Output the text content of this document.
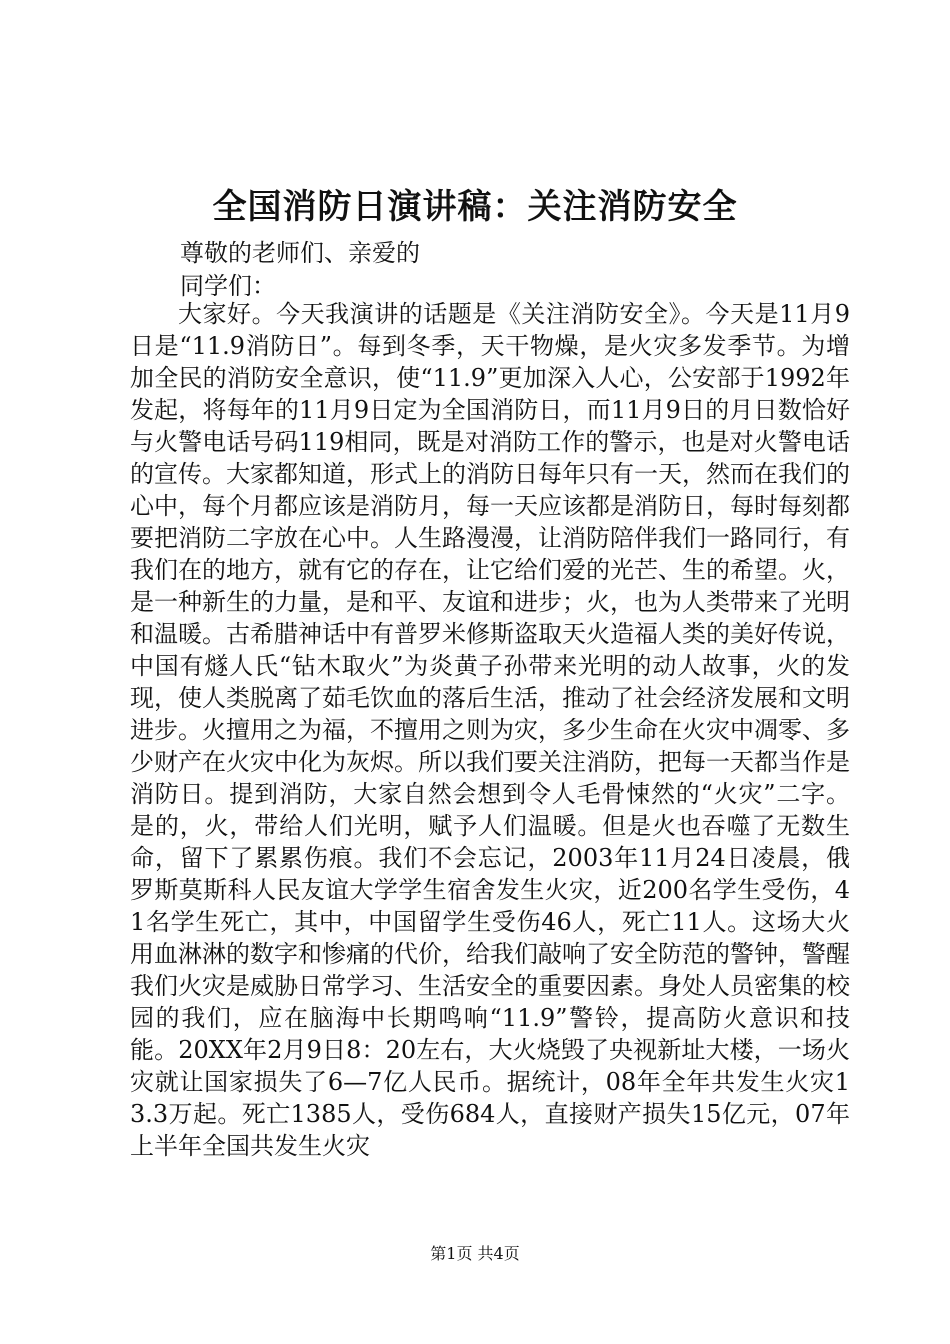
全国消防日演讲稿：关注消防安全

尊敬的老师们、亲爱的

同学们：

大家好。今天我演讲的话题是《关注消防安全》。今天是11月9日是“11.9消防日”。每到冬季，天干物燥，是火灾多发季节。为增加全民的消防安全意识，使“11.9”更加深入人心，公安部于1992年发起，将每年的11月9日定为全国消防日，而11月9日的月日数恰好与火警电话号码119相同，既是对消防工作的警示，也是对火警电话的宣传。大家都知道，形式上的消防日每年只有一天，然而在我们的心中，每个月都应该是消防月，每一天应该都是消防日，每时每刻都要把消防二字放在心中。人生路漫漫，让消防陪伴我们一路同行，有我们在的地方，就有它的存在，让它给们爱的光芒、生的希望。火，是一种新生的力量，是和平、友谊和进步；火，也为人类带来了光明和温暖。古希腊神话中有普罗米修斯盗取天火造福人类的美好传说，中国有燧人氏“钻木取火”为炎黄子孙带来光明的动人故事，火的发现，使人类脱离了茹毛饮血的落后生活，推动了社会经济发展和文明进步。火擅用之为福，不擅用之则为灾，多少生命在火灾中凋零、多少财产在火灾中化为灰烬。所以我们要关注消防，把每一天都当作是消防日。提到消防，大家自然会想到令人毛骨悚然的“火灾”二字。是的，火，带给人们光明，赋予人们温暖。但是火也吞噬了无数生命，留下了累累伤痕。我们不会忘记，2003年11月24日凌晨，俄罗斯莫斯科人民友谊大学学生宿舍发生火灾，近200名学生受伤，41名学生死亡，其中，中国留学生受伤46人，死亡11人。这场大火用血淋淋的数字和惨痛的代价，给我们敲响了安全防范的警钟，警醒我们火灾是威胁日常学习、生活安全的重要因素。身处人员密集的校园的我们，应在脑海中长期鸣响“11.9”警铃，提高防火意识和技能。20XX年2月9日8：20左右，大火烧毁了央视新址大楼，一场火灾就让国家损失了6—7亿人民币。据统计，08年全年共发生火灾13.3万起。死亡1385人，受伤684人，直接财产损失15亿元，07年上半年全国共发生火灾

第1页 共4页
